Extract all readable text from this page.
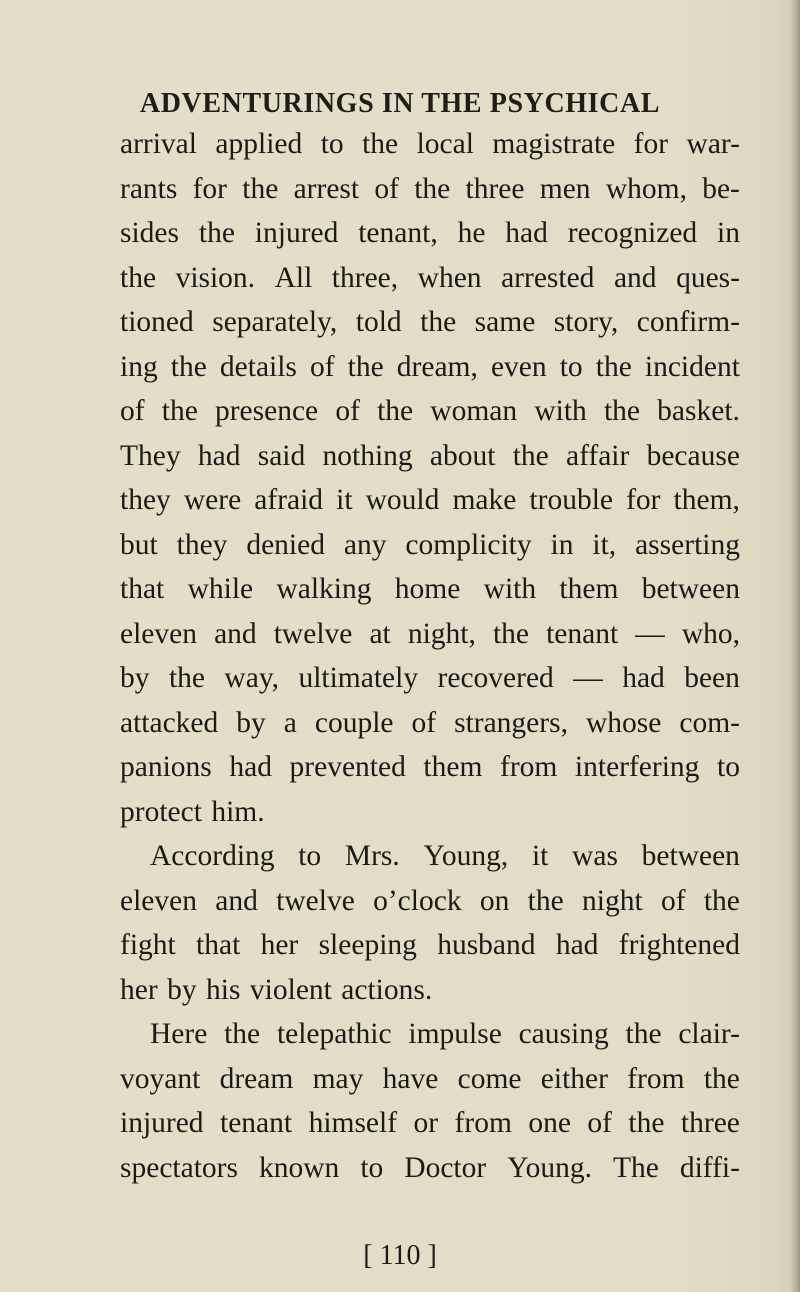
ADVENTURINGS IN THE PSYCHICAL
arrival applied to the local magistrate for war-
rants for the arrest of the three men whom, be-
sides the injured tenant, he had recognized in
the vision. All three, when arrested and ques-
tioned separately, told the same story, confirm-
ing the details of the dream, even to the incident
of the presence of the woman with the basket.
They had said nothing about the affair because
they were afraid it would make trouble for them,
but they denied any complicity in it, asserting
that while walking home with them between
eleven and twelve at night, the tenant — who,
by the way, ultimately recovered — had been
attacked by a couple of strangers, whose com-
panions had prevented them from interfering to
protect him.
According to Mrs. Young, it was between
eleven and twelve o’clock on the night of the
fight that her sleeping husband had frightened
her by his violent actions.
Here the telepathic impulse causing the clair-
voyant dream may have come either from the
injured tenant himself or from one of the three
spectators known to Doctor Young. The diffi-
[ 110 ]
